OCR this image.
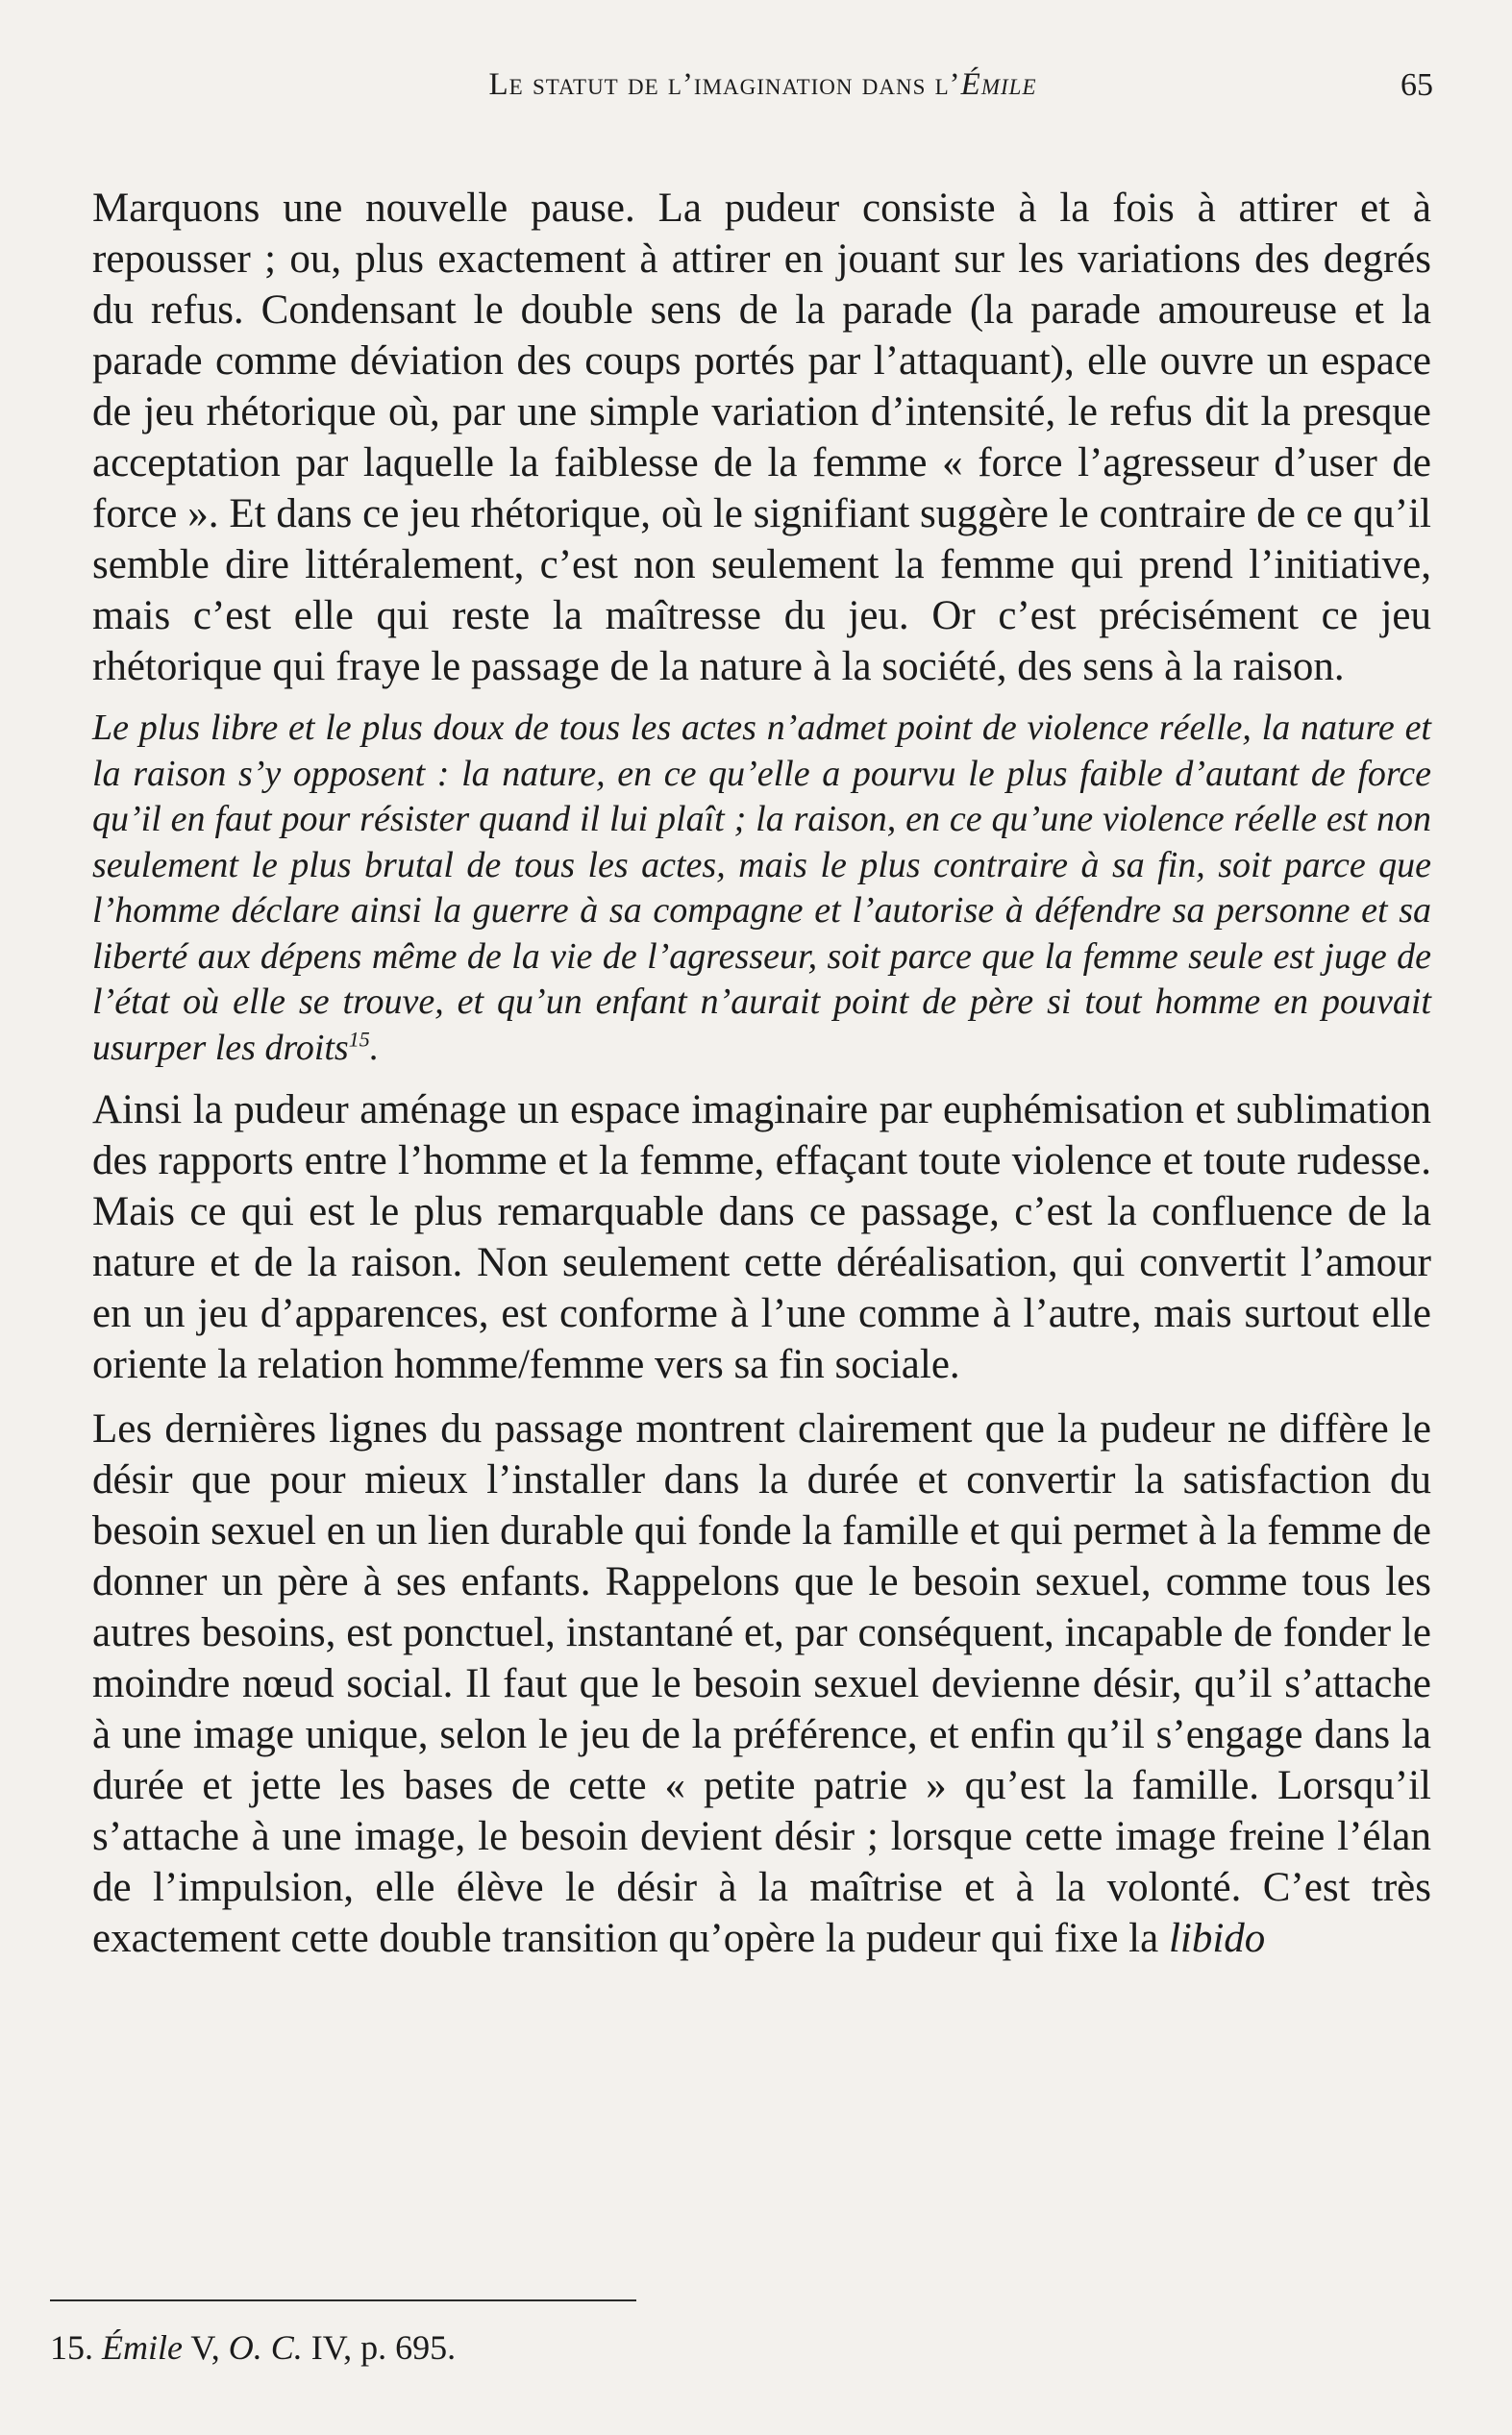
Le statut de l’imagination dans l’Émile	65

Marquons une nouvelle pause. La pudeur consiste à la fois à attirer et à repousser ; ou, plus exactement à attirer en jouant sur les variations des degrés du refus. Condensant le double sens de la parade (la parade amoureuse et la parade comme déviation des coups portés par l’attaquant), elle ouvre un espace de jeu rhétorique où, par une simple variation d’intensité, le refus dit la presque acceptation par laquelle la faiblesse de la femme « force l’agresseur d’user de force ». Et dans ce jeu rhétorique, où le signifiant suggère le contraire de ce qu’il semble dire littéralement, c’est non seulement la femme qui prend l’initiative, mais c’est elle qui reste la maîtresse du jeu. Or c’est précisément ce jeu rhétorique qui fraye le passage de la nature à la société, des sens à la raison.

Le plus libre et le plus doux de tous les actes n’admet point de violence réelle, la nature et la raison s’y opposent : la nature, en ce qu’elle a pourvu le plus faible d’autant de force qu’il en faut pour résister quand il lui plaît ; la raison, en ce qu’une violence réelle est non seulement le plus brutal de tous les actes, mais le plus contraire à sa fin, soit parce que l’homme déclare ainsi la guerre à sa compagne et l’autorise à défendre sa personne et sa liberté aux dépens même de la vie de l’agresseur, soit parce que la femme seule est juge de l’état où elle se trouve, et qu’un enfant n’aurait point de père si tout homme en pouvait usurper les droits$^{15}$.

Ainsi la pudeur aménage un espace imaginaire par euphémisation et sublimation des rapports entre l’homme et la femme, effaçant toute violence et toute rudesse. Mais ce qui est le plus remarquable dans ce passage, c’est la confluence de la nature et de la raison. Non seulement cette déréalisation, qui convertit l’amour en un jeu d’apparences, est conforme à l’une comme à l’autre, mais surtout elle oriente la relation homme/femme vers sa fin sociale.

Les dernières lignes du passage montrent clairement que la pudeur ne diffère le désir que pour mieux l’installer dans la durée et convertir la satisfaction du besoin sexuel en un lien durable qui fonde la famille et qui permet à la femme de donner un père à ses enfants. Rappelons que le besoin sexuel, comme tous les autres besoins, est ponctuel, instantané et, par conséquent, incapable de fonder le moindre nœud social. Il faut que le besoin sexuel devienne désir, qu’il s’attache à une image unique, selon le jeu de la préférence, et enfin qu’il s’engage dans la durée et jette les bases de cette « petite patrie » qu’est la famille. Lorsqu’il s’attache à une image, le besoin devient désir ; lorsque cette image freine l’élan de l’impulsion, elle élève le désir à la maîtrise et à la volonté. C’est très exactement cette double transition qu’opère la pudeur qui fixe la libido

15. Émile V, O. C. IV, p. 695.
